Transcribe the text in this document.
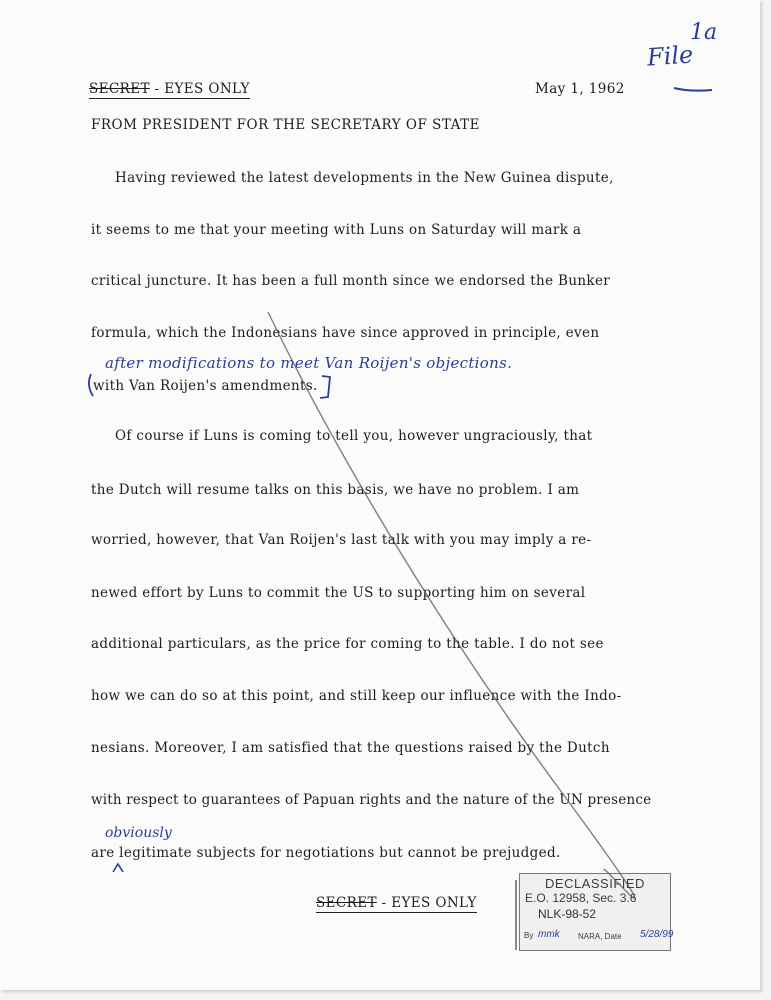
SECRET - EYES ONLY	May 1, 1962
FROM PRESIDENT FOR THE SECRETARY OF STATE
1a
File
Having reviewed the latest developments in the New Guinea dispute,
it seems to me that your meeting with Luns on Saturday will mark a
critical juncture. It has been a full month since we endorsed the Bunker
formula, which the Indonesians have since approved in principle, even
with Van Roijen's amendments.
Of course if Luns is coming to tell you, however ungraciously, that
the Dutch will resume talks on this basis, we have no problem. I am
worried, however, that Van Roijen's last talk with you may imply a re-
newed effort by Luns to commit the US to supporting him on several
additional particulars, as the price for coming to the table. I do not see
how we can do so at this point, and still keep our influence with the Indo-
nesians. Moreover, I am satisfied that the questions raised by the Dutch
with respect to guarantees of Papuan rights and the nature of the UN presence
are legitimate subjects for negotiations but cannot be prejudged.
after modifications to meet Van Roijen's objections.
obviously
SECRET - EYES ONLY
DECLASSIFIED
E.O. 12958, Sec. 3.6
NLK-98-52
By mmk NARA, Date 5/28/99
